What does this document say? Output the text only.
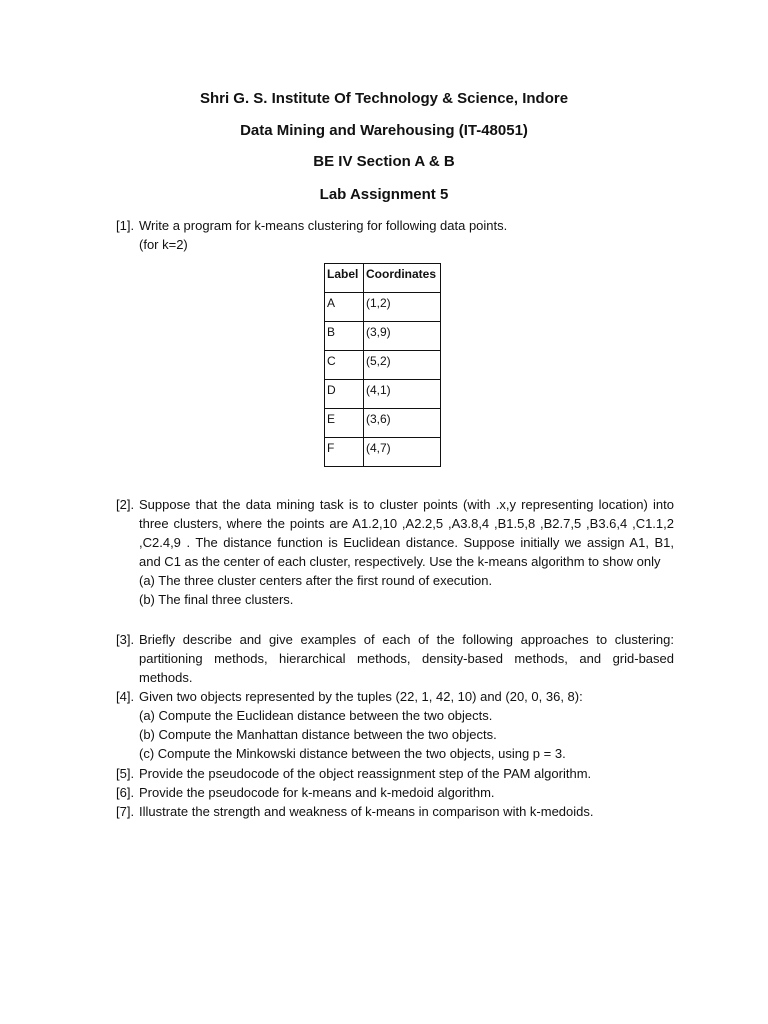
Shri G. S. Institute Of Technology & Science, Indore
Data Mining and Warehousing (IT-48051)
BE IV Section A & B
Lab Assignment 5
[1]. Write a program for k-means clustering for following data points.
(for k=2)
Label	Coordinates
A	(1,2)
B	(3,9)
C	(5,2)
D	(4,1)
E	(3,6)
F	(4,7)
[2]. Suppose that the data mining task is to cluster points (with .x,y representing location) into three clusters, where the points are A1.2,10 ,A2.2,5 ,A3.8,4 ,B1.5,8 ,B2.7,5 ,B3.6,4 ,C1.1,2 ,C2.4,9 . The distance function is Euclidean distance. Suppose initially we assign A1, B1, and C1 as the center of each cluster, respectively. Use the k-means algorithm to show only
(a) The three cluster centers after the first round of execution.
(b) The final three clusters.
[3]. Briefly describe and give examples of each of the following approaches to clustering: partitioning methods, hierarchical methods, density-based methods, and grid-based methods.
[4]. Given two objects represented by the tuples (22, 1, 42, 10) and (20, 0, 36, 8):
(a) Compute the Euclidean distance between the two objects.
(b) Compute the Manhattan distance between the two objects.
(c) Compute the Minkowski distance between the two objects, using p = 3.
[5]. Provide the pseudocode of the object reassignment step of the PAM algorithm.
[6]. Provide the pseudocode for k-means and k-medoid algorithm.
[7]. Illustrate the strength and weakness of k-means in comparison with k-medoids.
